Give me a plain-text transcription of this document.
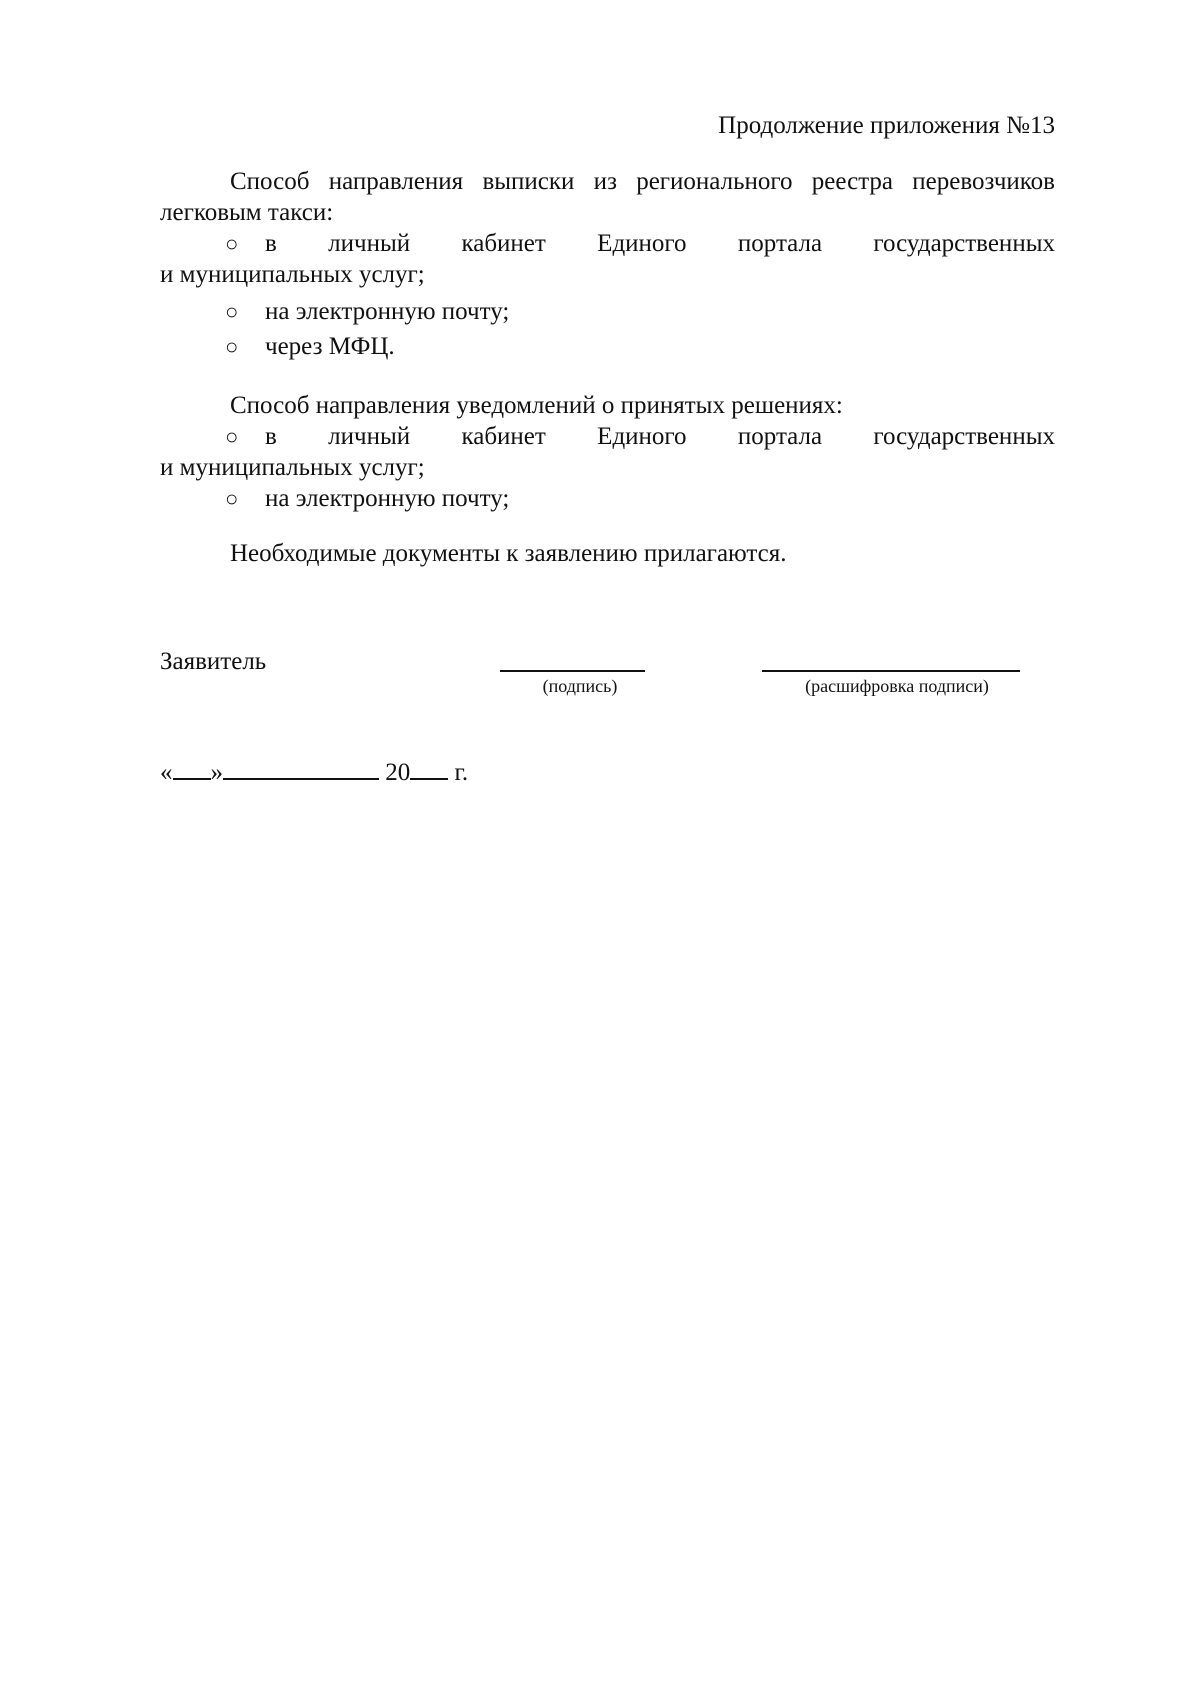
Продолжение приложения №13
Способ направления выписки из регионального реестра перевозчиков легковым такси:
○	в личный кабинет Единого портала государственных
и муниципальных услуг;
○	на электронную почту;
○	через МФЦ.
Способ направления уведомлений о принятых решениях:
○	в личный кабинет Единого портала государственных
и муниципальных услуг;
○	на электронную почту;
Необходимые документы к заявлению прилагаются.
Заявитель
(подпись)	(расшифровка подписи)
« »	20 г.
